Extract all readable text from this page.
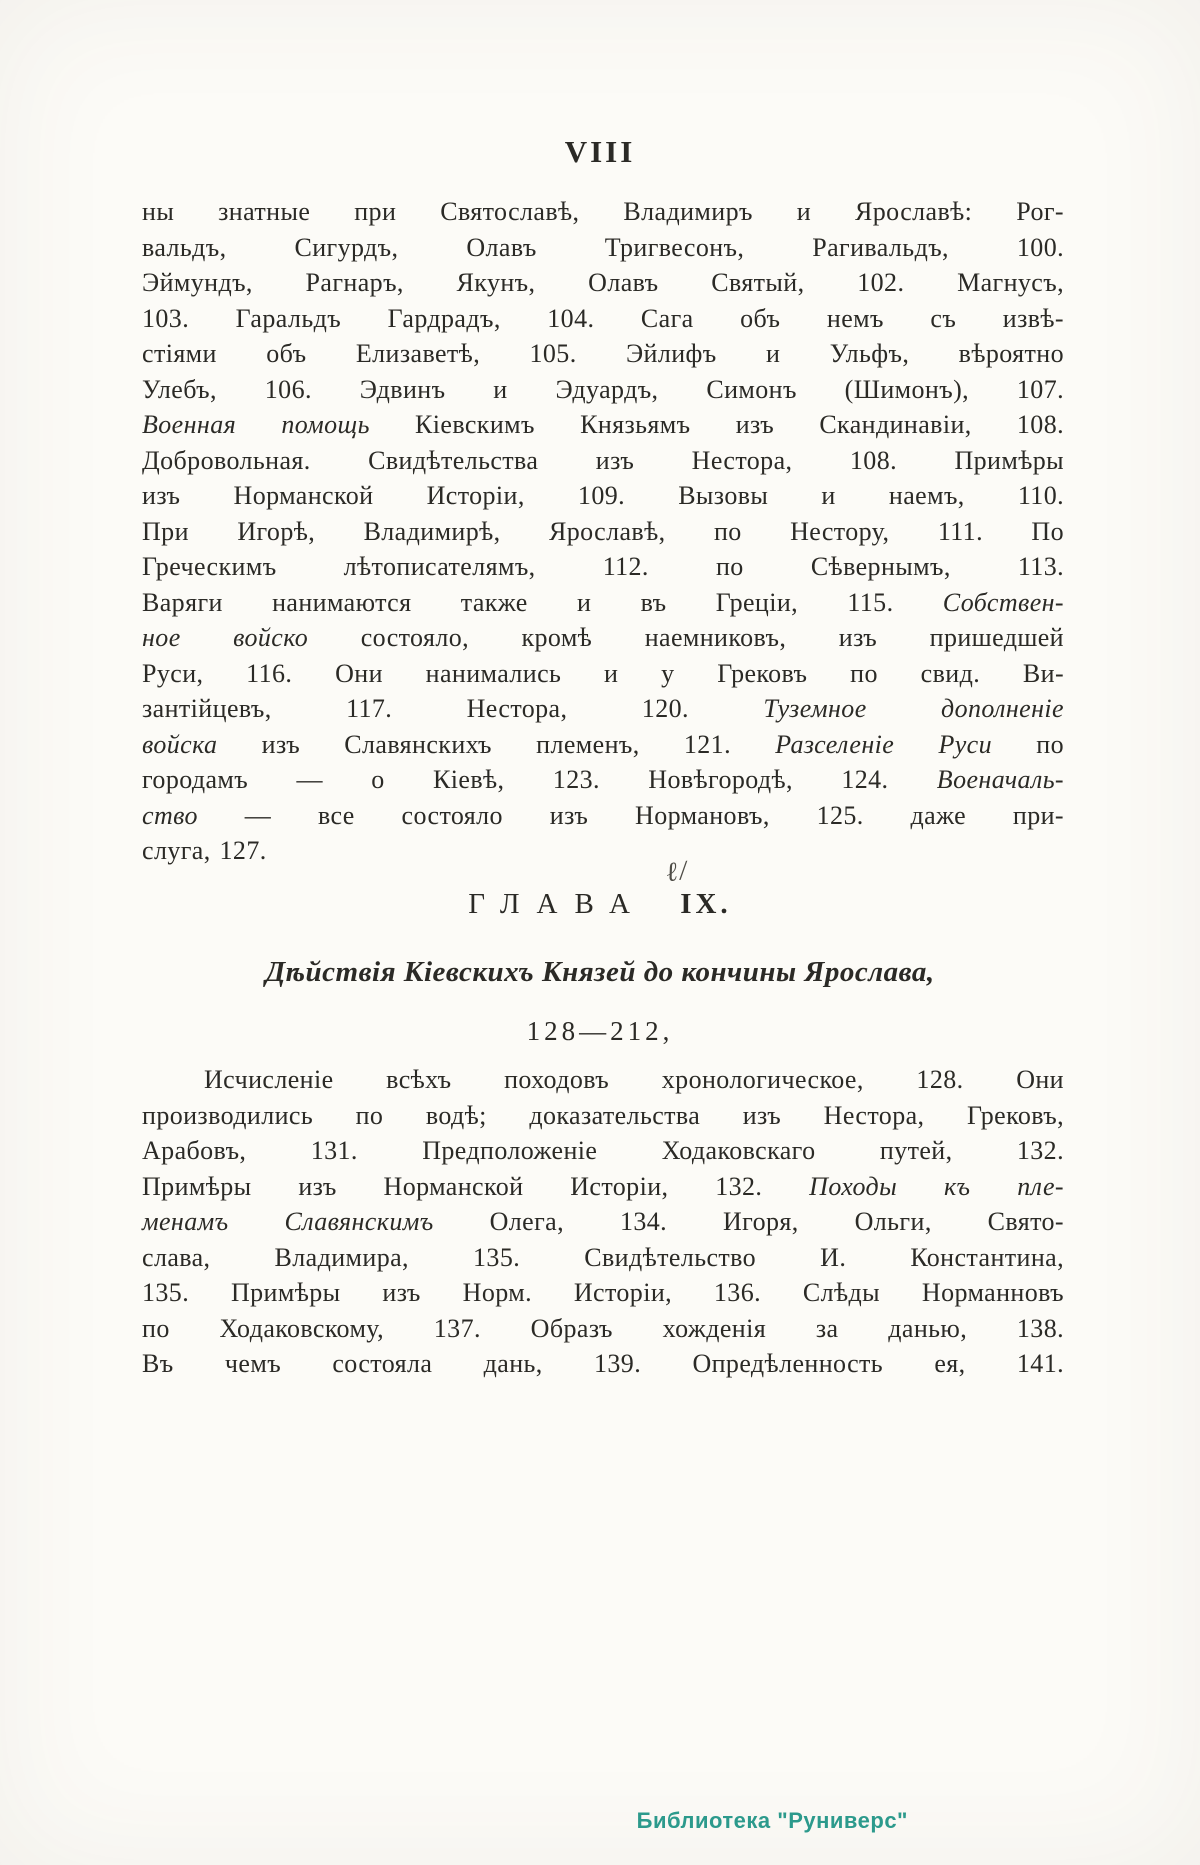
VIII
ны знатные при Святославѣ, Владимиръ и Ярославѣ: Рог-
вальдъ, Сигурдъ, Олавъ Тригвесонъ, Рагивальдъ, 100.
Эймундъ, Рагнаръ, Якунъ, Олавъ Святый, 102. Магнусъ,
103. Гаральдъ Гардрадъ, 104. Сага объ немъ съ извѣ-
стіями объ Елизаветѣ, 105. Эйлифъ и Ульфъ, вѣроятно
Улебъ, 106. Эдвинъ и Эдуардъ, Симонъ (Шимонъ), 107.
Военная помощь Кіевскимъ Князьямъ изъ Скандинавіи, 108.
Добровольная. Свидѣтельства изъ Нестора, 108. Примѣры
изъ Норманской Исторіи, 109. Вызовы и наемъ, 110.
При Игорѣ, Владимирѣ, Ярославѣ, по Нестору, 111. По
Греческимъ лѣтописателямъ, 112. по Сѣвернымъ, 113.
Варяги нанимаются также и въ Греціи, 115. Собствен-
ное войско состояло, кромѣ наемниковъ, изъ пришедшей
Руси, 116. Они нанимались и у Грековъ по свид. Ви-
зантійцевъ, 117. Нестора, 120. Туземное дополненіе
войска изъ Славянскихъ племенъ, 121. Разселеніе Руси по
городамъ — о Кіевѣ, 123. Новѣгородѣ, 124. Военачаль-
ство — все состояло изъ Нормановъ, 125. даже при-
слуга, 127.
ℓ/
ГЛАВА IX.
Дѣйствія Кіевскихъ Князей до кончины Ярослава,
128—212,
Исчисленіе всѣхъ походовъ хронологическое, 128. Они
производились по водѣ; доказательства изъ Нестора, Грековъ,
Арабовъ, 131. Предположеніе Ходаковскаго путей, 132.
Примѣры изъ Норманской Исторіи, 132. Походы къ пле-
менамъ Славянскимъ Олега, 134. Игоря, Ольги, Свято-
слава, Владимира, 135. Свидѣтельство И. Константина,
135. Примѣры изъ Норм. Исторіи, 136. Слѣды Норманновъ
по Ходаковскому, 137. Образъ хожденія за данью, 138.
Въ чемъ состояла дань, 139. Опредѣленность ея, 141.
Библиотека "Руниверс"
